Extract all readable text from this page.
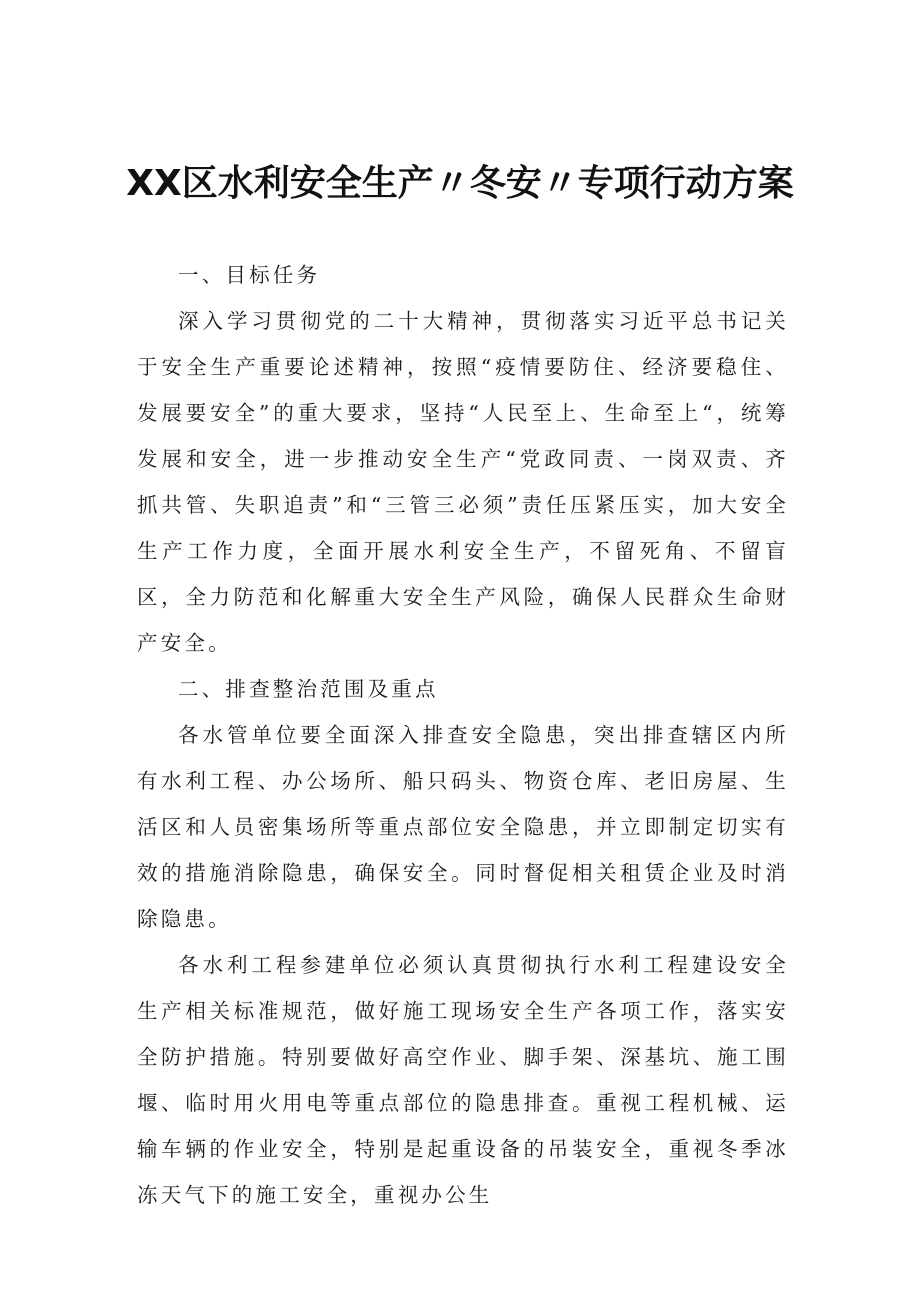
XX区水利安全生产〃冬安〃专项行动方案

一、目标任务

深入学习贯彻党的二十大精神，贯彻落实习近平总书记关于安全生产重要论述精神，按照“疫情要防住、经济要稳住、发展要安全”的重大要求，坚持“人民至上、生命至上“，统筹发展和安全，进一步推动安全生产“党政同责、一岗双责、齐抓共管、失职追责”和“三管三必须”责任压紧压实，加大安全生产工作力度，全面开展水利安全生产，不留死角、不留盲区，全力防范和化解重大安全生产风险，确保人民群众生命财产安全。

二、排查整治范围及重点

各水管单位要全面深入排查安全隐患，突出排查辖区内所有水利工程、办公场所、船只码头、物资仓库、老旧房屋、生活区和人员密集场所等重点部位安全隐患，并立即制定切实有效的措施消除隐患，确保安全。同时督促相关租赁企业及时消除隐患。

各水利工程参建单位必须认真贯彻执行水利工程建设安全生产相关标准规范，做好施工现场安全生产各项工作，落实安全防护措施。特别要做好高空作业、脚手架、深基坑、施工围堰、临时用火用电等重点部位的隐患排查。重视工程机械、运输车辆的作业安全，特别是起重设备的吊装安全，重视冬季冰冻天气下的施工安全，重视办公生
